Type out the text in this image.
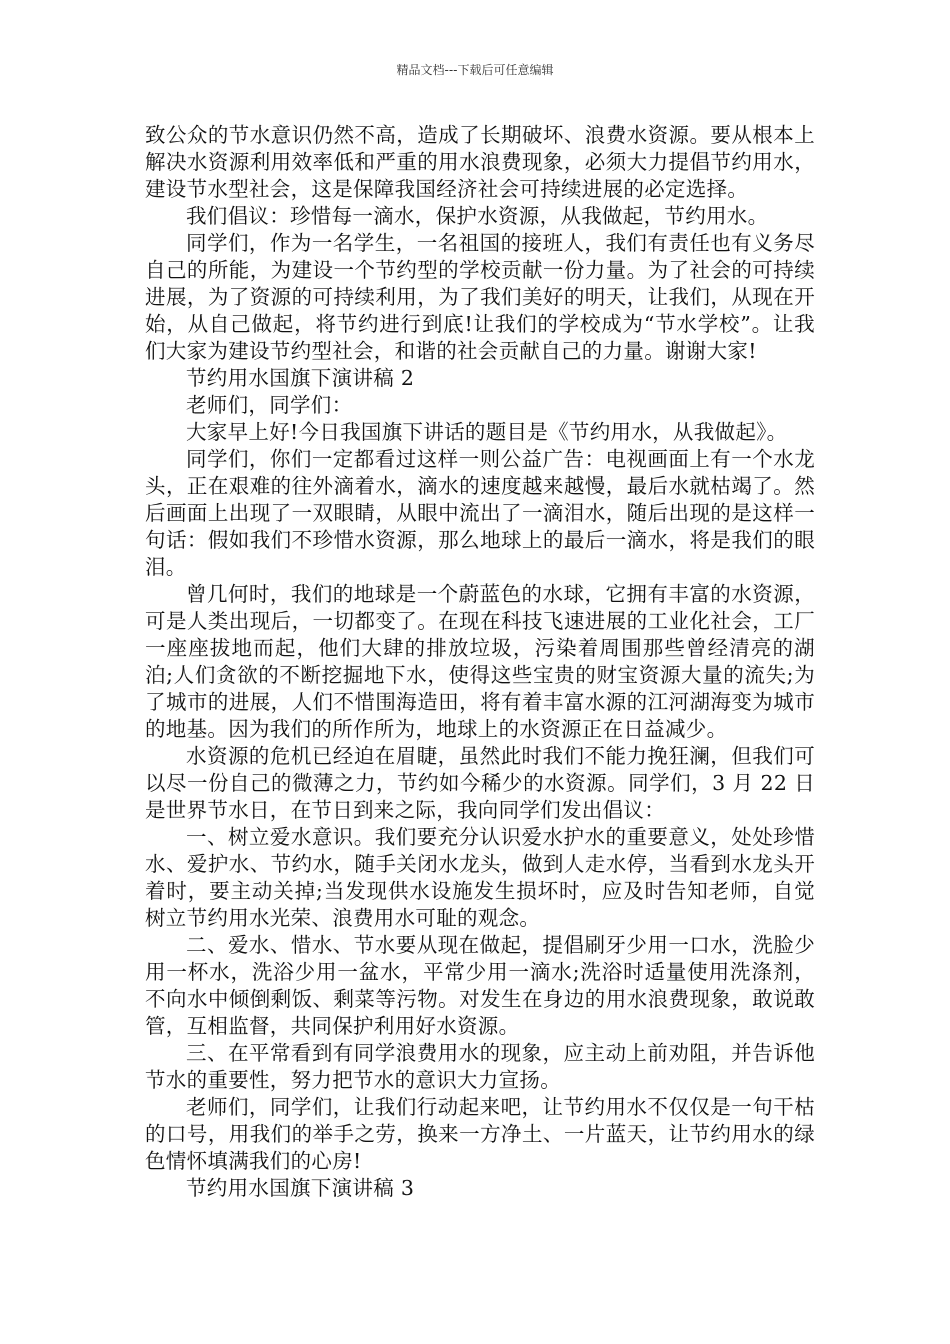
精品文档---下载后可任意编辑

致公众的节水意识仍然不高，造成了长期破坏、浪费水资源。要从根本上解决水资源利用效率低和严重的用水浪费现象，必须大力提倡节约用水，建设节水型社会，这是保障我国经济社会可持续进展的必定选择。

我们倡议：珍惜每一滴水，保护水资源，从我做起，节约用水。

同学们，作为一名学生，一名祖国的接班人，我们有责任也有义务尽自己的所能，为建设一个节约型的学校贡献一份力量。为了社会的可持续进展，为了资源的可持续利用，为了我们美好的明天，让我们，从现在开始，从自己做起，将节约进行到底!让我们的学校成为“节水学校”。让我们大家为建设节约型社会，和谐的社会贡献自己的力量。谢谢大家!

节约用水国旗下演讲稿 2

老师们，同学们：

大家早上好!今日我国旗下讲话的题目是《节约用水，从我做起》。

同学们，你们一定都看过这样一则公益广告：电视画面上有一个水龙头，正在艰难的往外滴着水，滴水的速度越来越慢，最后水就枯竭了。然后画面上出现了一双眼睛，从眼中流出了一滴泪水，随后出现的是这样一句话：假如我们不珍惜水资源，那么地球上的最后一滴水，将是我们的眼泪。

曾几何时，我们的地球是一个蔚蓝色的水球，它拥有丰富的水资源，可是人类出现后，一切都变了。在现在科技飞速进展的工业化社会，工厂一座座拔地而起，他们大肆的排放垃圾，污染着周围那些曾经清亮的湖泊;人们贪欲的不断挖掘地下水，使得这些宝贵的财宝资源大量的流失;为了城市的进展，人们不惜围海造田，将有着丰富水源的江河湖海变为城市的地基。因为我们的所作所为，地球上的水资源正在日益减少。

水资源的危机已经迫在眉睫，虽然此时我们不能力挽狂澜，但我们可以尽一份自己的微薄之力，节约如今稀少的水资源。同学们，3 月 22 日是世界节水日，在节日到来之际，我向同学们发出倡议：

一、树立爱水意识。我们要充分认识爱水护水的重要意义，处处珍惜水、爱护水、节约水，随手关闭水龙头，做到人走水停，当看到水龙头开着时，要主动关掉;当发现供水设施发生损坏时，应及时告知老师，自觉树立节约用水光荣、浪费用水可耻的观念。

二、爱水、惜水、节水要从现在做起，提倡刷牙少用一口水，洗脸少用一杯水，洗浴少用一盆水，平常少用一滴水;洗浴时适量使用洗涤剂，不向水中倾倒剩饭、剩菜等污物。对发生在身边的用水浪费现象，敢说敢管，互相监督，共同保护利用好水资源。

三、在平常看到有同学浪费用水的现象，应主动上前劝阻，并告诉他节水的重要性，努力把节水的意识大力宣扬。

老师们，同学们，让我们行动起来吧，让节约用水不仅仅是一句干枯的口号，用我们的举手之劳，换来一方净土、一片蓝天，让节约用水的绿色情怀填满我们的心房!

节约用水国旗下演讲稿 3
